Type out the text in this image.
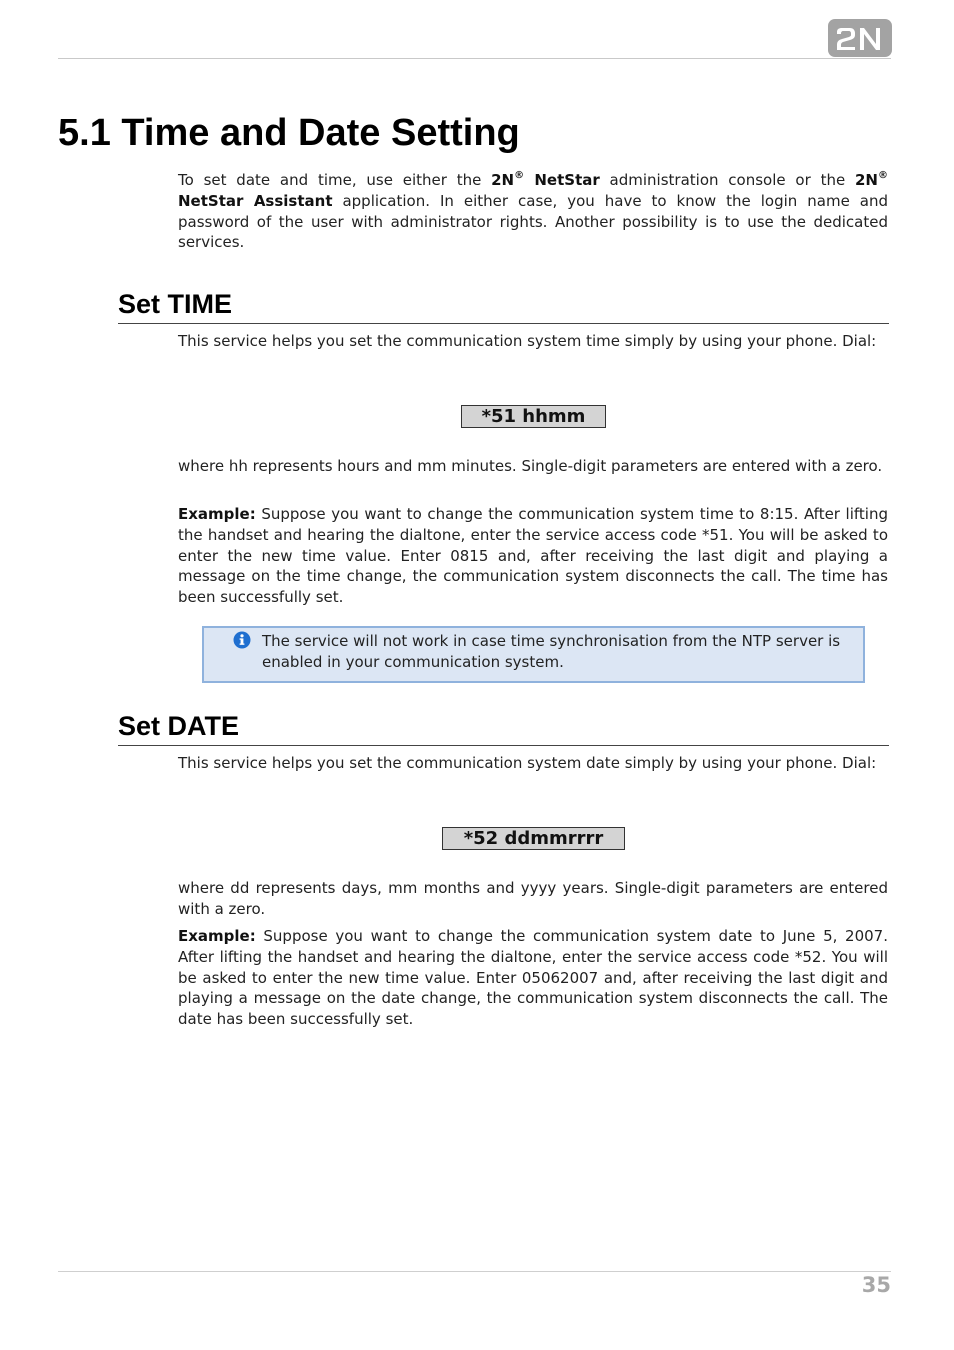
5.1 Time and Date Setting

To set date and time, use either the 2N® NetStar administration console or the 2N® NetStar Assistant application. In either case, you have to know the login name and password of the user with administrator rights. Another possibility is to use the dedicated services.

Set TIME

This service helps you set the communication system time simply by using your phone. Dial:

*51 hhmm

where hh represents hours and mm minutes. Single-digit parameters are entered with a zero.

Example: Suppose you want to change the communication system time to 8:15. After lifting the handset and hearing the dialtone, enter the service access code *51. You will be asked to enter the new time value. Enter 0815 and, after receiving the last digit and playing a message on the time change, the communication system disconnects the call. The time has been successfully set.

The service will not work in case time synchronisation from the NTP server is enabled in your communication system.
Set DATE

This service helps you set the communication system date simply by using your phone. Dial:

*52 ddmmrrrr

where dd represents days, mm months and yyyy years. Single-digit parameters are entered with a zero.

Example: Suppose you want to change the communication system date to June 5, 2007. After lifting the handset and hearing the dialtone, enter the service access code *52. You will be asked to enter the new time value. Enter 05062007 and, after receiving the last digit and playing a message on the date change, the communication system disconnects the call. The date has been successfully set.

35
